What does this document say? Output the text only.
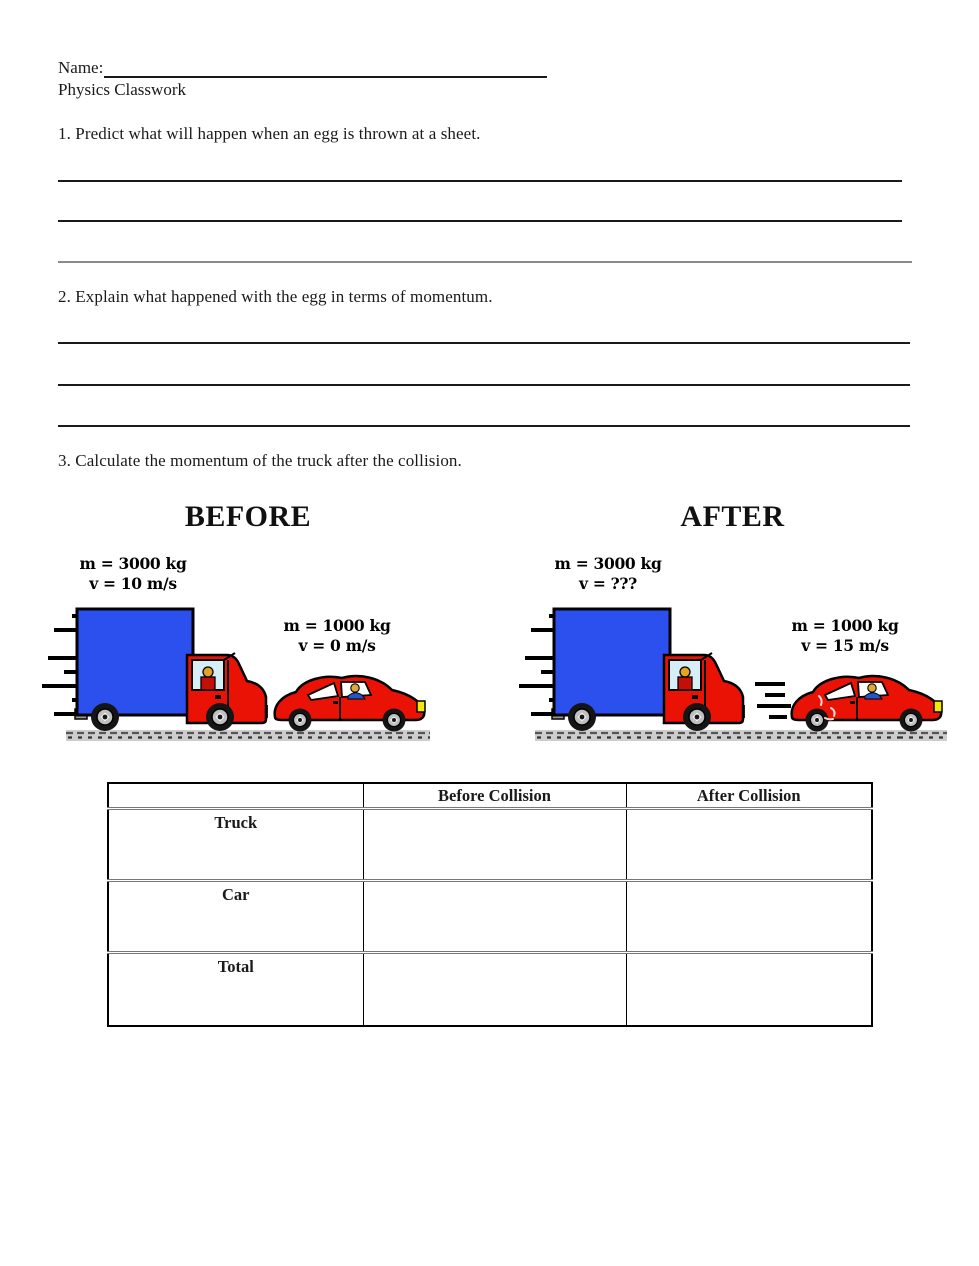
Name:
Physics Classwork
1. Predict what will happen when an egg is thrown at a sheet.
2. Explain what happened with the egg in terms of momentum.
3. Calculate the momentum of the truck after the collision.
BEFORE
m = 3000 kg
v = 10 m/s
m = 1000 kg
v = 0 m/s
AFTER
m = 3000 kg
v = ???
m = 1000 kg
v = 15 m/s
	Before Collision	After Collision
Truck		
Car		
Total		
